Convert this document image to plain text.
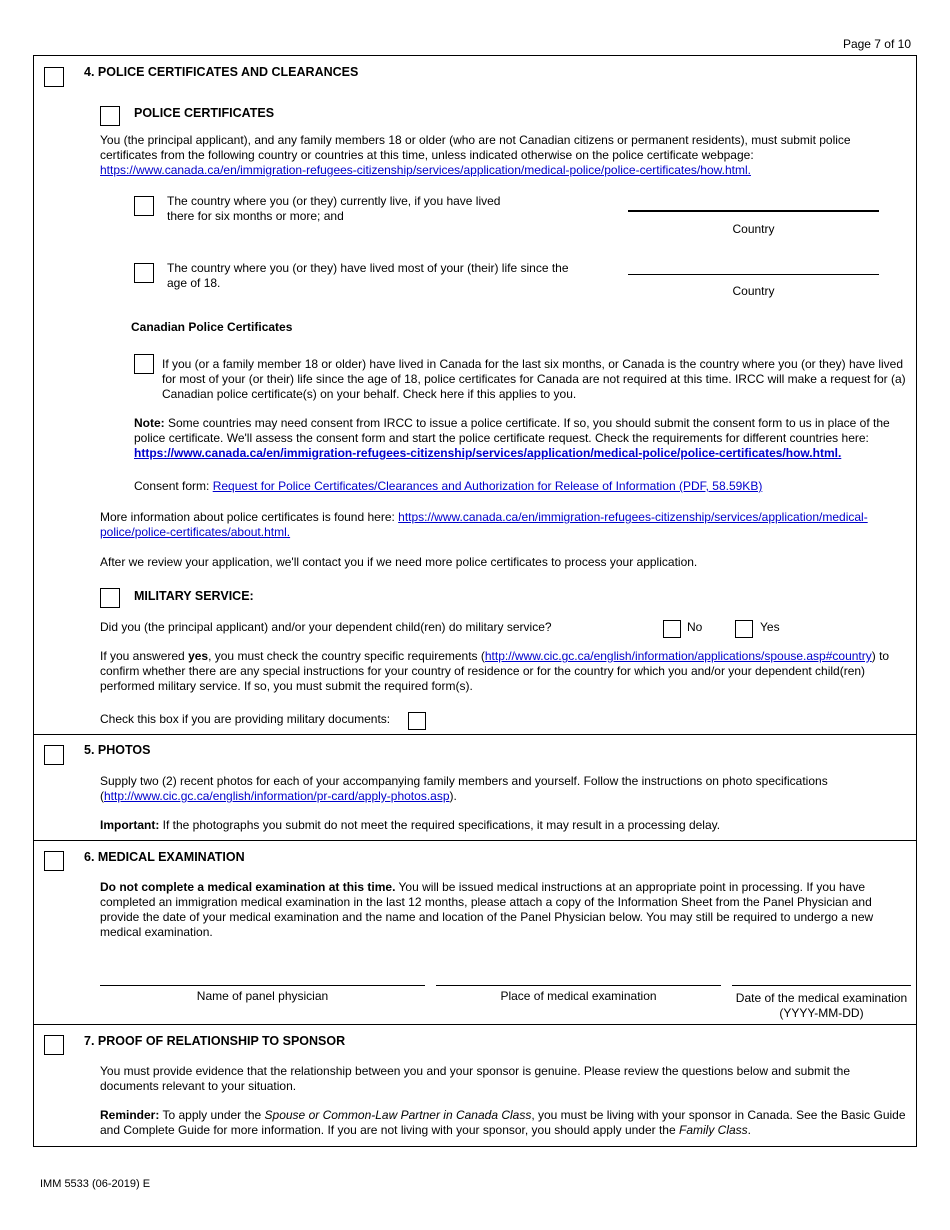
Page 7 of 10
4. POLICE CERTIFICATES AND CLEARANCES
POLICE CERTIFICATES
You (the principal applicant), and any family members 18 or older (who are not Canadian citizens or permanent residents), must submit police certificates from the following country or countries at this time, unless indicated otherwise on the police certificate webpage: https://www.canada.ca/en/immigration-refugees-citizenship/services/application/medical-police/police-certificates/how.html.
The country where you (or they) currently live, if you have lived
there for six months or more; and
Country
The country where you (or they) have lived most of your (their) life since the
age of 18.
Country
Canadian Police Certificates
If you (or a family member 18 or older) have lived in Canada for the last six months, or Canada is the country where you (or they) have lived for most of your (or their) life since the age of 18, police certificates for Canada are not required at this time. IRCC will make a request for (a) Canadian police certificate(s) on your behalf. Check here if this applies to you.
Note: Some countries may need consent from IRCC to issue a police certificate. If so, you should submit the consent form to us in place of the police certificate. We'll assess the consent form and start the police certificate request. Check the requirements for different countries here: https://www.canada.ca/en/immigration-refugees-citizenship/services/application/medical-police/police-certificates/how.html.
Consent form: Request for Police Certificates/Clearances and Authorization for Release of Information (PDF, 58.59KB)
More information about police certificates is found here: https://www.canada.ca/en/immigration-refugees-citizenship/services/application/medical-police/police-certificates/about.html.
After we review your application, we'll contact you if we need more police certificates to process your application.
MILITARY SERVICE:
Did you (the principal applicant) and/or your dependent child(ren) do military service?	No	Yes
If you answered yes, you must check the country specific requirements (http://www.cic.gc.ca/english/information/applications/spouse.asp#country) to confirm whether there are any special instructions for your country of residence or for the country for which you and/or your dependent child(ren) performed military service. If so, you must submit the required form(s).
Check this box if you are providing military documents:
5. PHOTOS
Supply two (2) recent photos for each of your accompanying family members and yourself. Follow the instructions on photo specifications (http://www.cic.gc.ca/english/information/pr-card/apply-photos.asp).
Important: If the photographs you submit do not meet the required specifications, it may result in a processing delay.
6. MEDICAL EXAMINATION
Do not complete a medical examination at this time. You will be issued medical instructions at an appropriate point in processing. If you have completed an immigration medical examination in the last 12 months, please attach a copy of the Information Sheet from the Panel Physician and provide the date of your medical examination and the name and location of the Panel Physician below. You may still be required to undergo a new medical examination.
Name of panel physician	Place of medical examination	Date of the medical examination
(YYYY-MM-DD)
7. PROOF OF RELATIONSHIP TO SPONSOR
You must provide evidence that the relationship between you and your sponsor is genuine. Please review the questions below and submit the documents relevant to your situation.
Reminder: To apply under the Spouse or Common-Law Partner in Canada Class, you must be living with your sponsor in Canada. See the Basic Guide and Complete Guide for more information. If you are not living with your sponsor, you should apply under the Family Class.
IMM 5533 (06-2019) E
